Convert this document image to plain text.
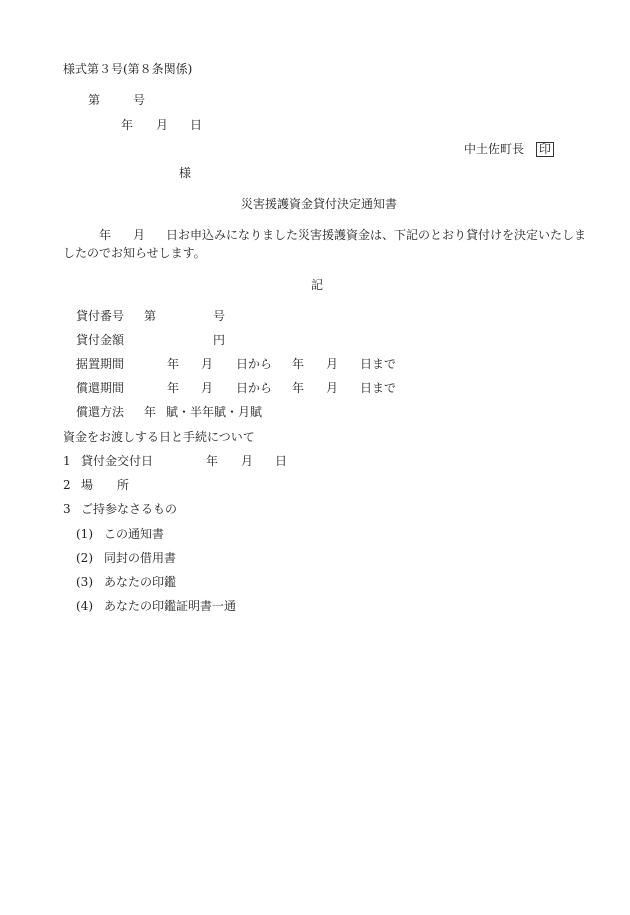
様式第３号(第８条関係)
第	号
年 月 日
中土佐町長 印
様
災害援護資金貸付決定通知書
年 月 日お申込みになりました災害援護資金は、下記のとおり貸付けを決定いたしま
したのでお知らせします。
記
貸付番号 第	号
貸付金額	円
据置期間	年 月 日から 年 月 日まで
償還期間	年 月 日から 年 月 日まで
償還方法 年 賦・半年賦・月賦
資金をお渡しする日と手続について
1 貸付金交付日	年 月 日
2 場　　所
3 ご持参なさるもの
(1) この通知書
(2) 同封の借用書
(3) あなたの印鑑
(4) あなたの印鑑証明書一通
